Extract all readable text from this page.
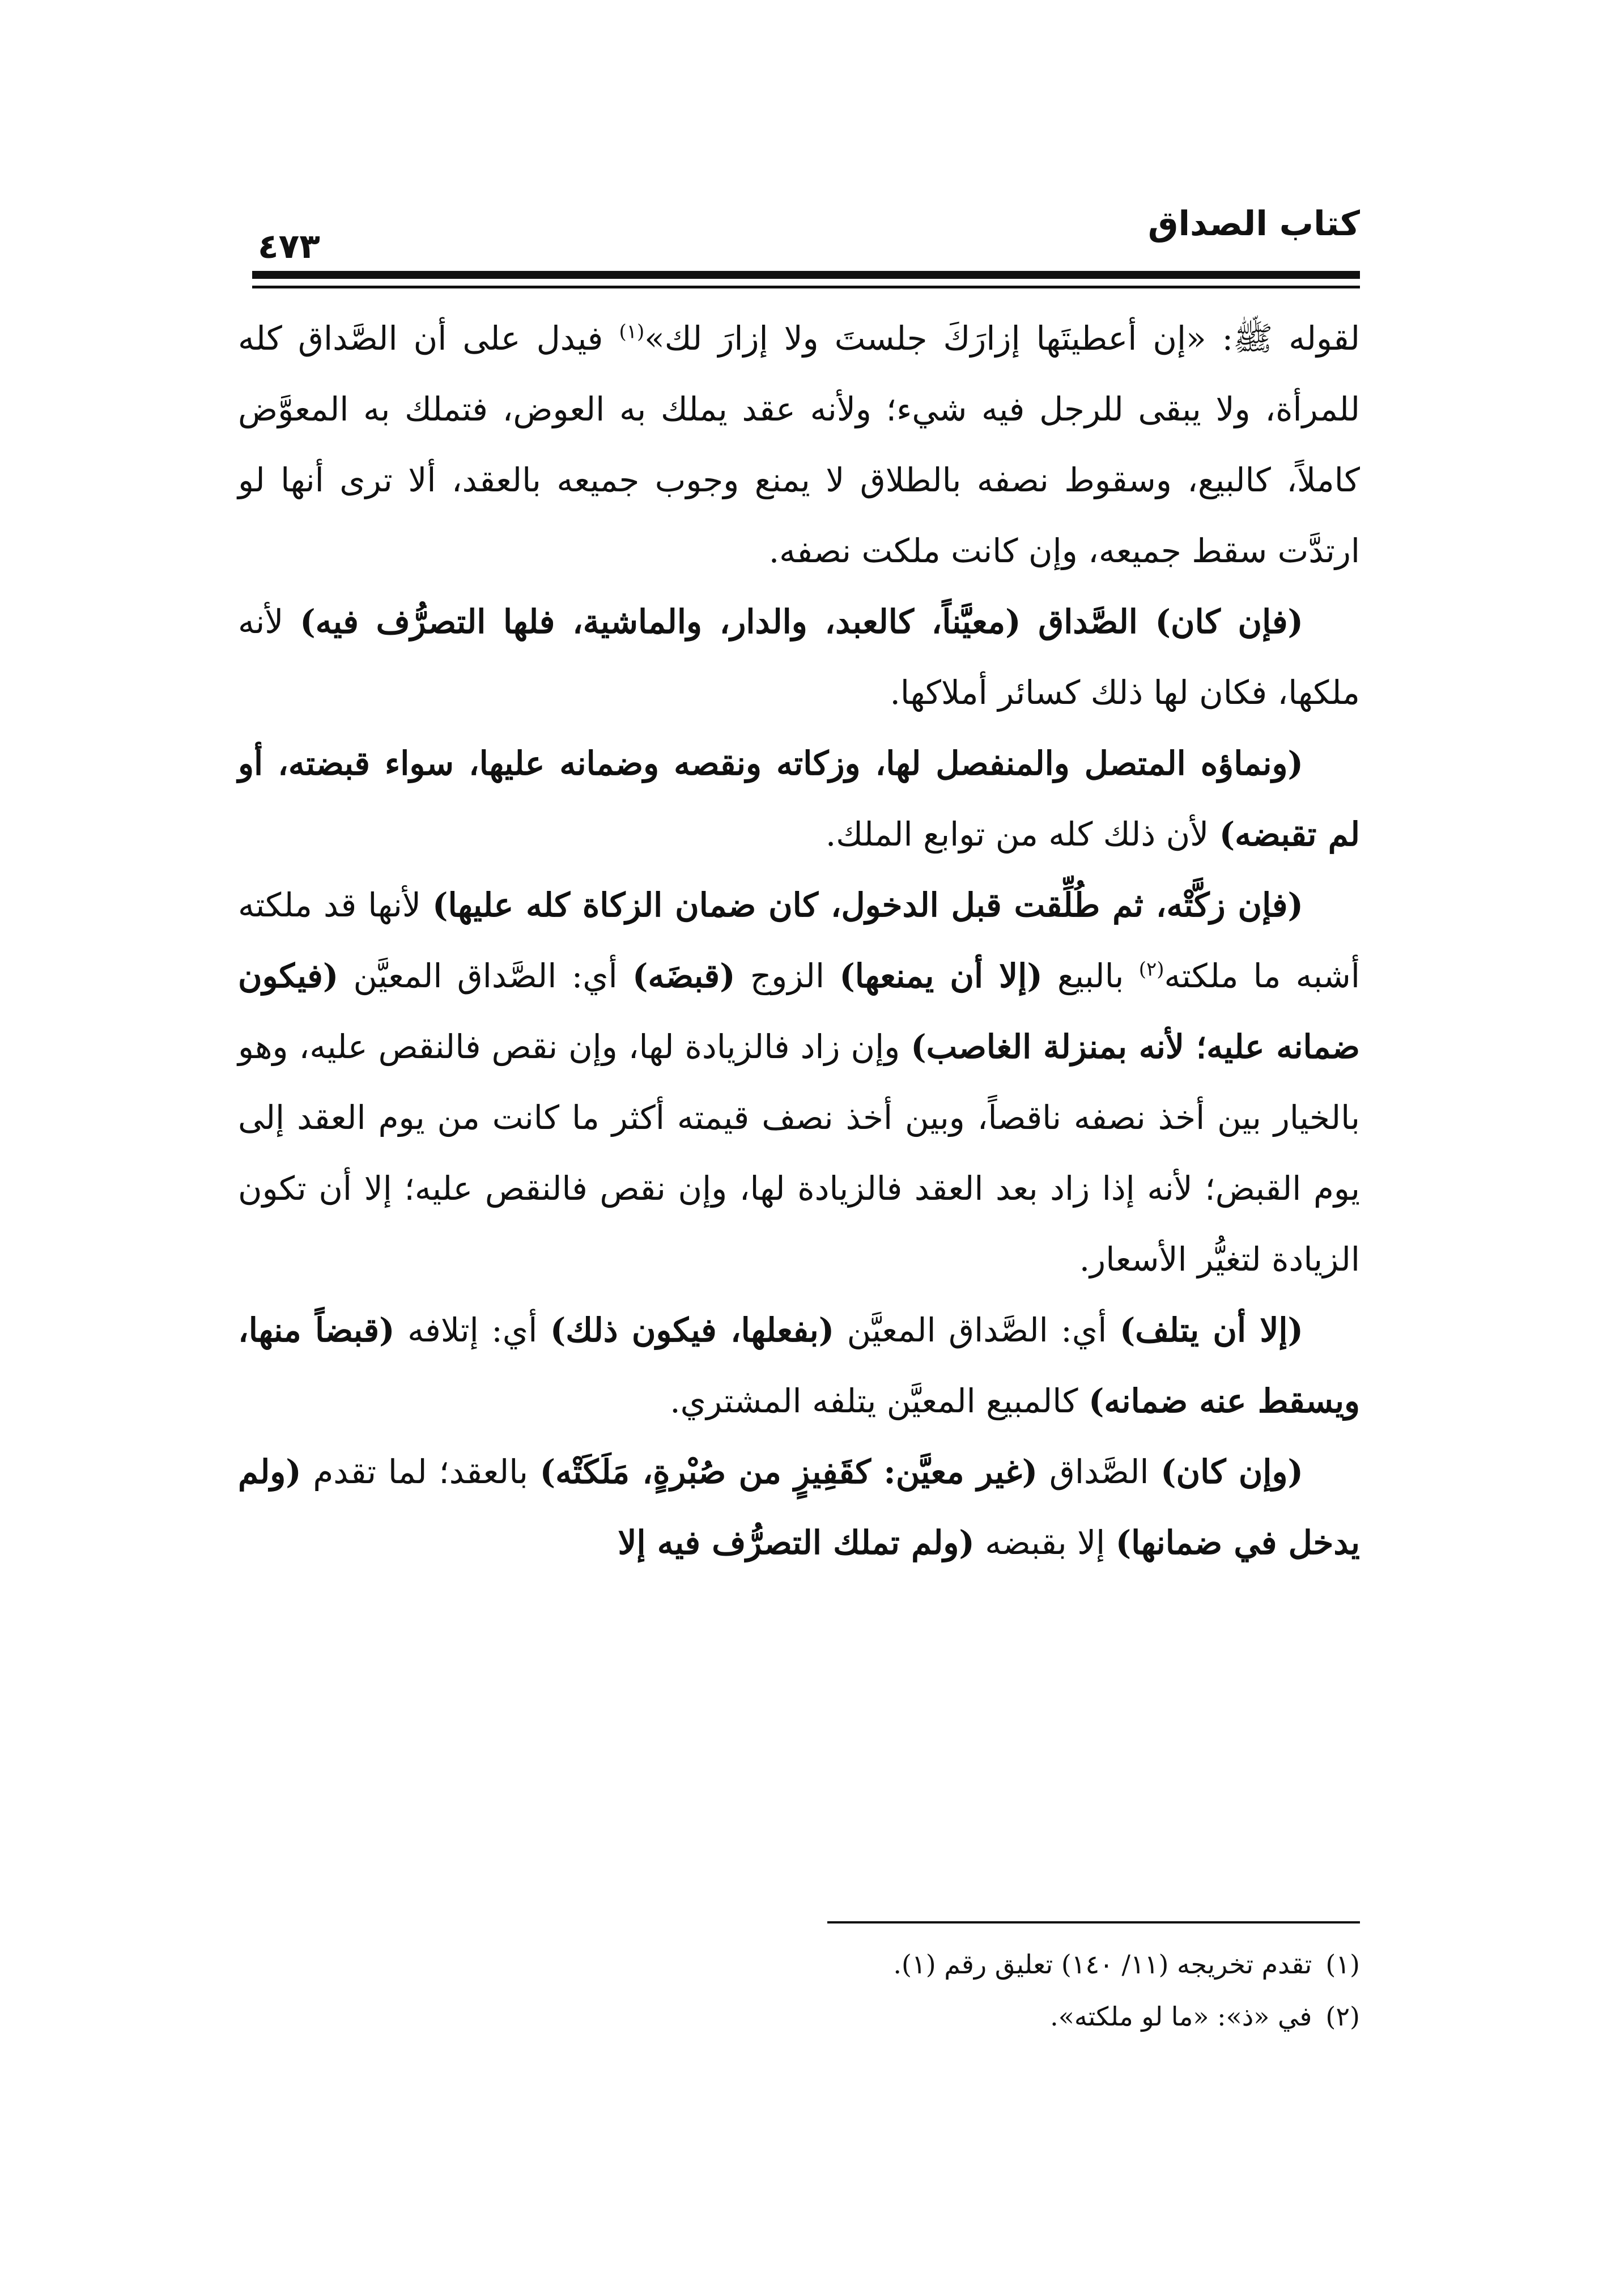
كتاب الصداق
٤٧٣

لقوله ﷺ: «إن أعطيتَها إزارَكَ جلستَ ولا إزارَ لك»$^{(١)}$ فيدل على أن الصَّداق كله للمرأة، ولا يبقى للرجل فيه شيء؛ ولأنه عقد يملك به العوض، فتملك به المعوَّض كاملاً، كالبيع، وسقوط نصفه بالطلاق لا يمنع وجوب جميعه بالعقد، ألا ترى أنها لو ارتدَّت سقط جميعه، وإن كانت ملكت نصفه.

(فإن كان) الصَّداق (معيَّناً، كالعبد، والدار، والماشية، فلها التصرُّف فيه) لأنه ملكها، فكان لها ذلك كسائر أملاكها.

(ونماؤه المتصل والمنفصل لها، وزكاته ونقصه وضمانه عليها، سواء قبضته، أو لم تقبضه) لأن ذلك كله من توابع الملك.

(فإن زكَّتْه، ثم طُلِّقت قبل الدخول، كان ضمان الزكاة كله عليها) لأنها قد ملكته أشبه ما ملكته$^{(٢)}$ بالبيع (إلا أن يمنعها) الزوج (قبضَه) أي: الصَّداق المعيَّن (فيكون ضمانه عليه؛ لأنه بمنزلة الغاصب) وإن زاد فالزيادة لها، وإن نقص فالنقص عليه، وهو بالخيار بين أخذ نصفه ناقصاً، وبين أخذ نصف قيمته أكثر ما كانت من يوم العقد إلى يوم القبض؛ لأنه إذا زاد بعد العقد فالزيادة لها، وإن نقص فالنقص عليه؛ إلا أن تكون الزيادة لتغيُّر الأسعار.

(إلا أن يتلف) أي: الصَّداق المعيَّن (بفعلها، فيكون ذلك) أي: إتلافه (قبضاً منها، ويسقط عنه ضمانه) كالمبيع المعيَّن يتلفه المشتري.

(وإن كان) الصَّداق (غير معيَّن: كقَفِيزٍ من صُبْرةٍ، مَلَكَتْه) بالعقد؛ لما تقدم (ولم يدخل في ضمانها) إلا بقبضه (ولم تملك التصرُّف فيه إلا

(١)تقدم تخريجه (١١/ ١٤٠) تعليق رقم (١).

(٢)في «ذ»: «ما لو ملكته».
